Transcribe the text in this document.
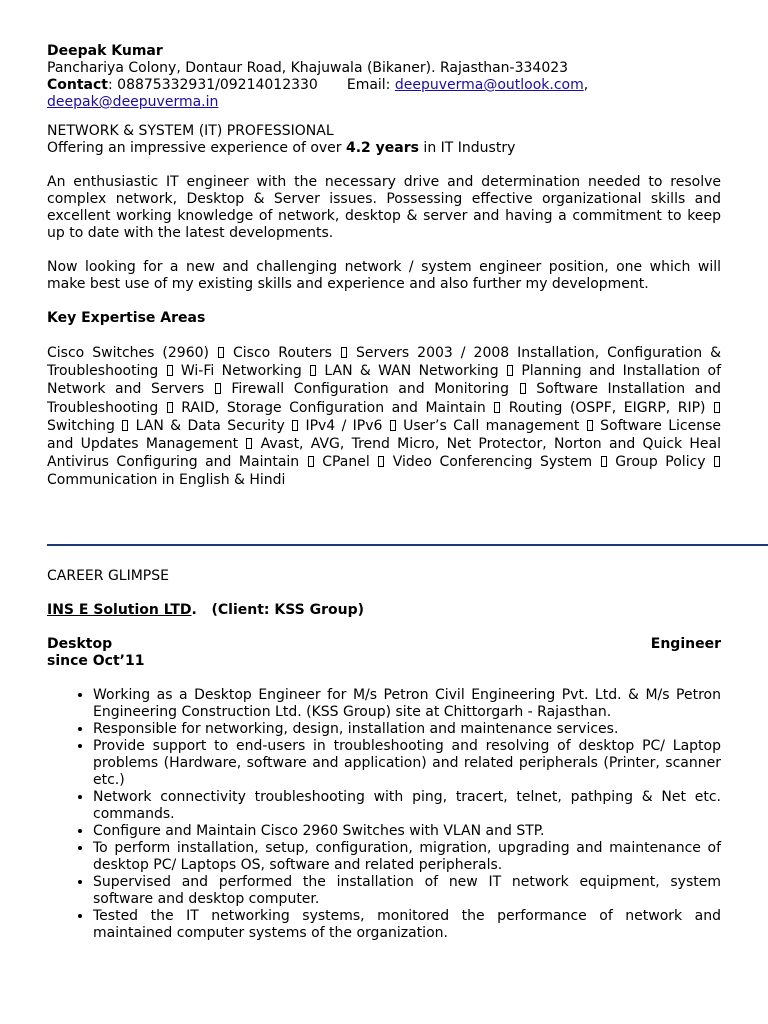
Deepak Kumar
Panchariya Colony, Dontaur Road, Khajuwala (Bikaner). Rajasthan-334023
Contact: 08875332931/09214012330 Email: deepuverma@outlook.com,
deepak@deepuverma.in
NETWORK & SYSTEM (IT) PROFESSIONAL
Offering an impressive experience of over 4.2 years in IT Industry
An enthusiastic IT engineer with the necessary drive and determination needed to resolve complex network, Desktop & Server issues. Possessing effective organizational skills and excellent working knowledge of network, desktop & server and having a commitment to keep up to date with the latest developments.
Now looking for a new and challenging network / system engineer position, one which will make best use of my existing skills and experience and also further my development.
Key Expertise Areas
Cisco Switches (2960) Cisco Routers Servers 2003 / 2008 Installation, Configuration & Troubleshooting Wi-Fi Networking LAN & WAN Networking Planning and Installation of Network and Servers Firewall Configuration and Monitoring Software Installation and Troubleshooting RAID, Storage Configuration and Maintain Routing (OSPF, EIGRP, RIP)  Switching LAN & Data Security IPv4 / IPv6 User’s Call management Software License and Updates Management Avast, AVG, Trend Micro, Net Protector, Norton and Quick Heal Antivirus Configuring and Maintain CPanel Video Conferencing System Group Policy  Communication in English & Hindi
CAREER GLIMPSE
INS E Solution LTD. (Client: KSS Group)
Desktop	Engineer
since Oct’11
• Working as a Desktop Engineer for M/s Petron Civil Engineering Pvt. Ltd. & M/s Petron Engineering Construction Ltd. (KSS Group) site at Chittorgarh - Rajasthan.
• Responsible for networking, design, installation and maintenance services.
• Provide support to end-users in troubleshooting and resolving of desktop PC/ Laptop problems (Hardware, software and application) and related peripherals (Printer, scanner etc.)
• Network connectivity troubleshooting with ping, tracert, telnet, pathping & Net etc. commands.
• Configure and Maintain Cisco 2960 Switches with VLAN and STP.
• To perform installation, setup, configuration, migration, upgrading and maintenance of desktop PC/ Laptops OS, software and related peripherals.
• Supervised and performed the installation of new IT network equipment, system software and desktop computer.
• Tested the IT networking systems, monitored the performance of network and maintained computer systems of the organization.
